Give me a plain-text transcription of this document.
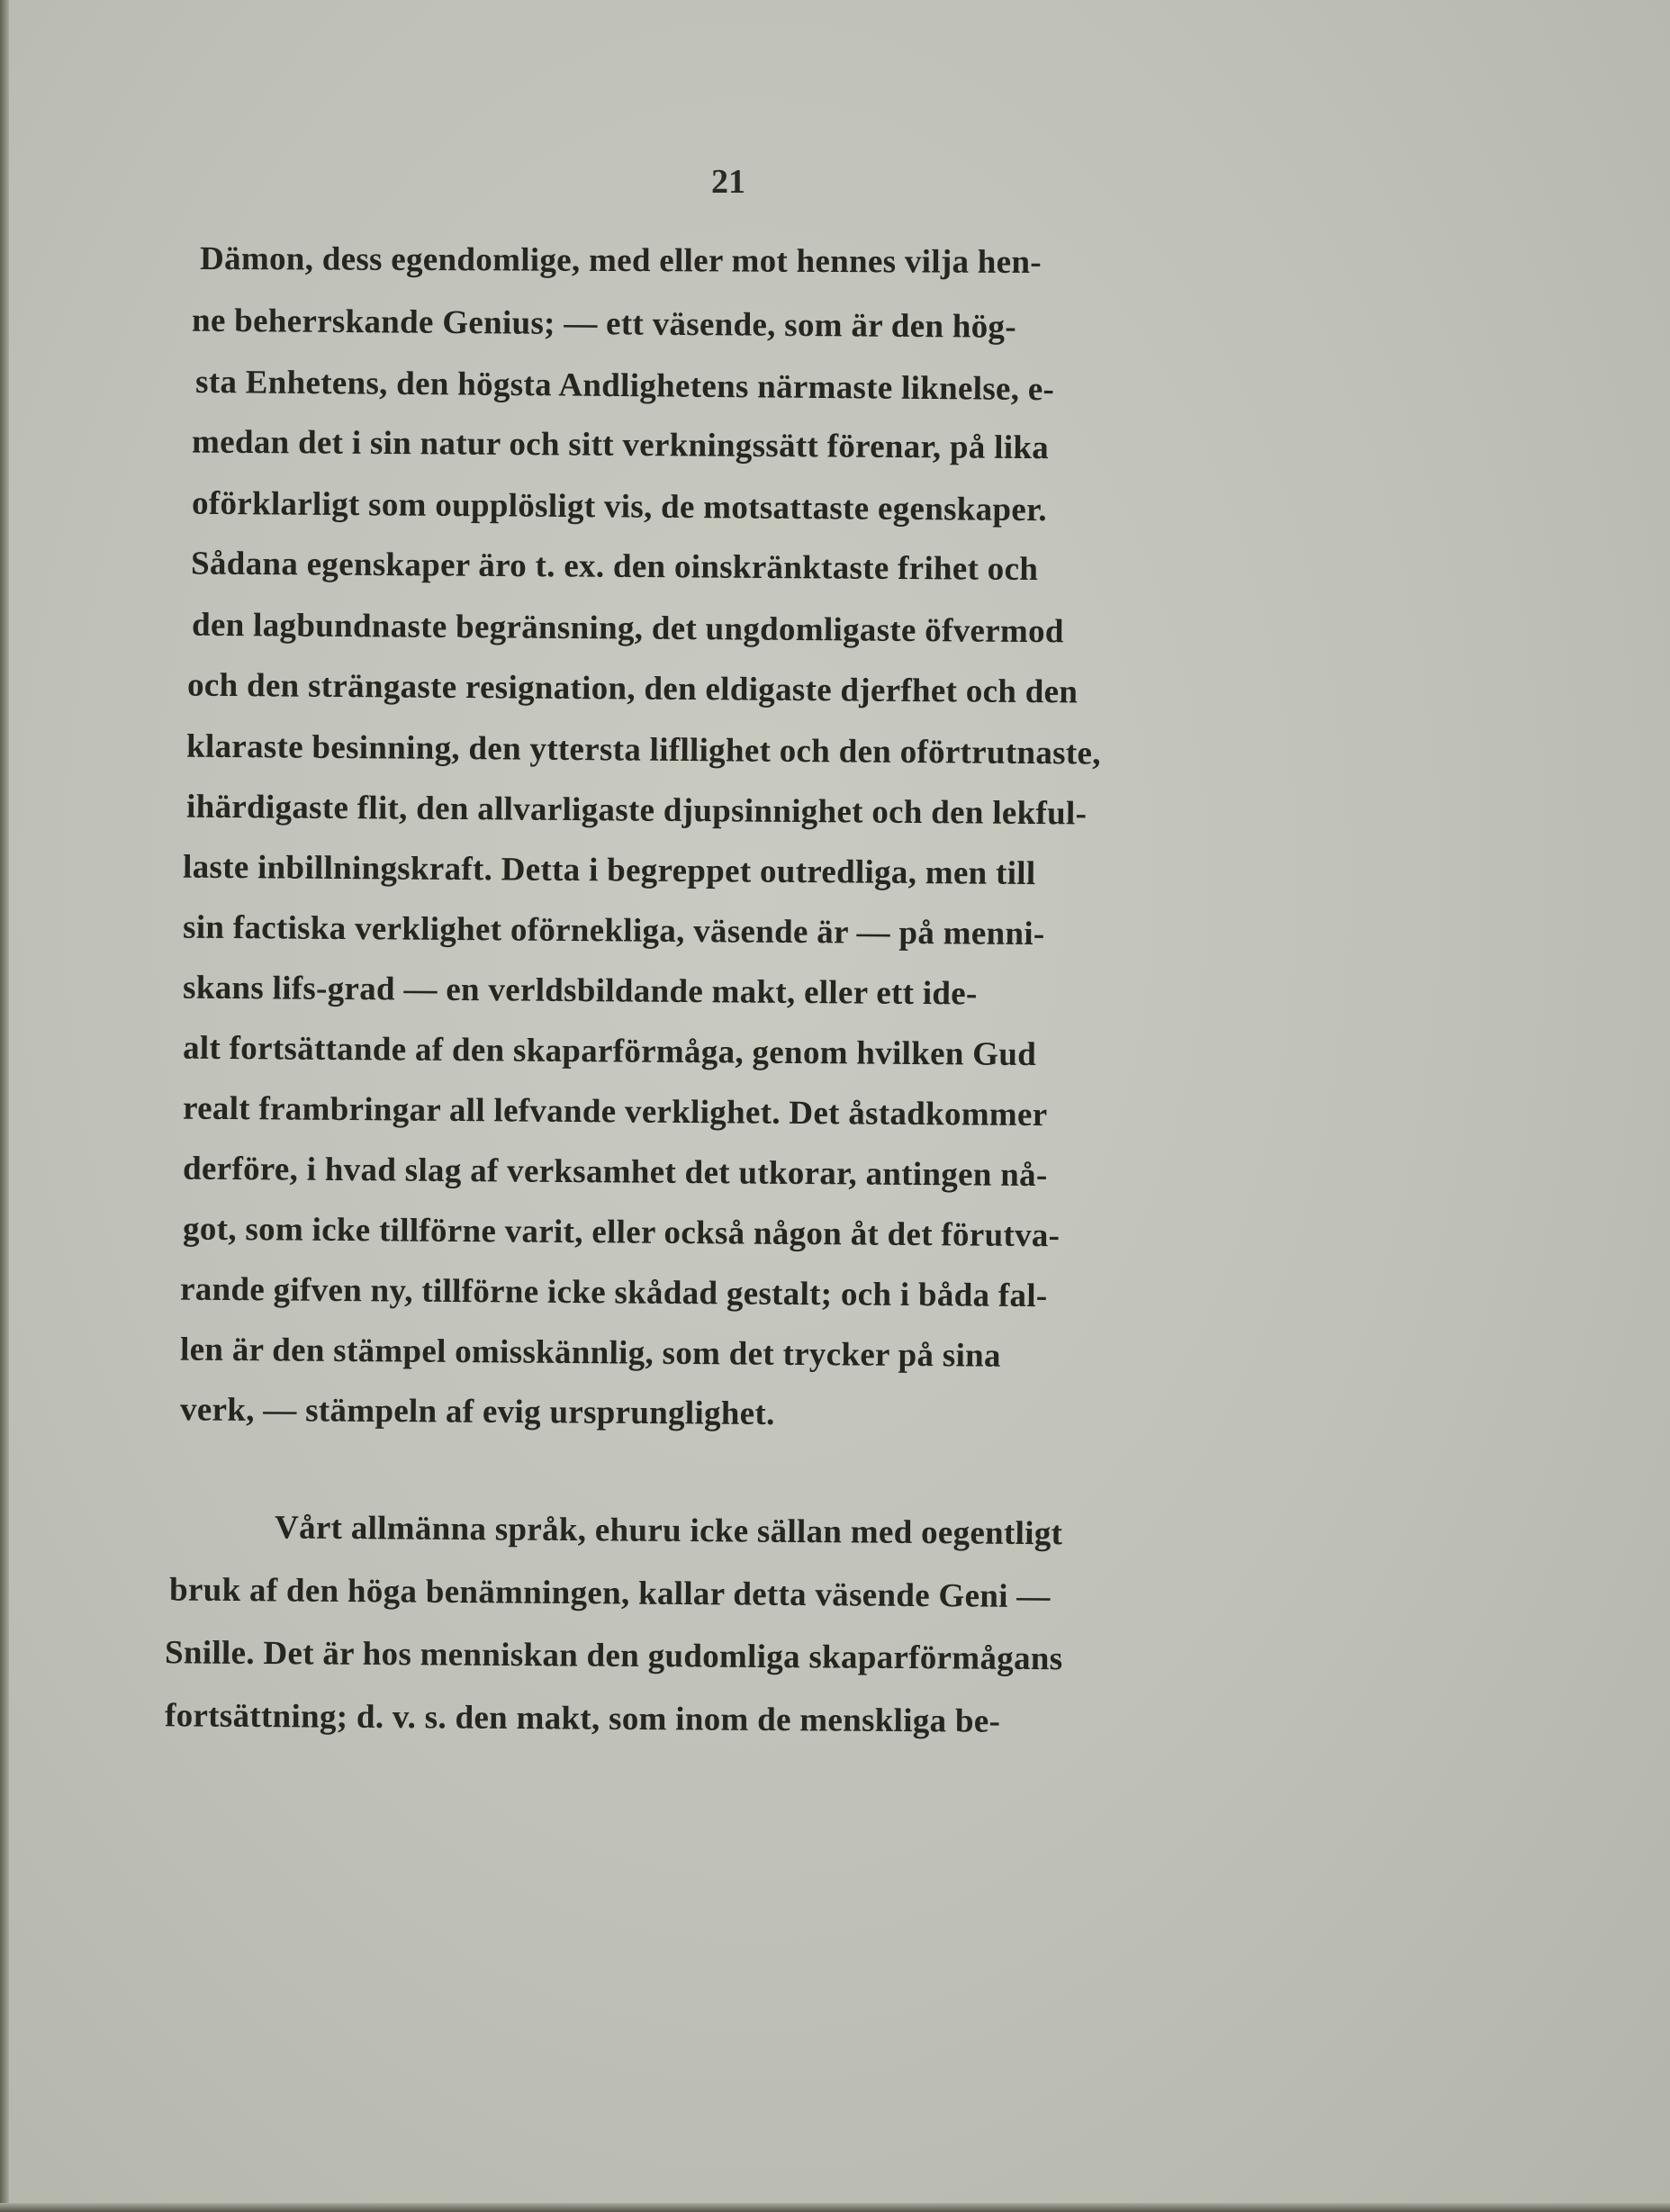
21
Dämon, dess egendomlige, med eller mot hennes vilja hen-
ne beherrskande Genius; — ett väsende, som är den hög-
sta Enhetens, den högsta Andlighetens närmaste liknelse, e-
medan det i sin natur och sitt verkningssätt förenar, på lika
oförklarligt som oupplösligt vis, de motsattaste egenskaper.
Sådana egenskaper äro t. ex. den oinskränktaste frihet och
den lagbundnaste begränsning, det ungdomligaste öfvermod
och den strängaste resignation, den eldigaste djerfhet och den
klaraste besinning, den yttersta lifllighet och den oförtrutnaste,
ihärdigaste flit, den allvarligaste djupsinnighet och den lekful-
laste inbillningskraft. Detta i begreppet outredliga, men till
sin factiska verklighet oförnekliga, väsende är — på menni-
skans lifs-grad — en verldsbildande makt, eller ett ide-
alt fortsättande af den skaparförmåga, genom hvilken Gud
realt frambringar all lefvande verklighet. Det åstadkommer
derföre, i hvad slag af verksamhet det utkorar, antingen nå-
got, som icke tillförne varit, eller också någon åt det förutva-
rande gifven ny, tillförne icke skådad gestalt; och i båda fal-
len är den stämpel omisskännlig, som det trycker på sina
verk, — stämpeln af evig ursprunglighet.
Vårt allmänna språk, ehuru icke sällan med oegentligt
bruk af den höga benämningen, kallar detta väsende Geni —
Snille. Det är hos menniskan den gudomliga skaparförmågans
fortsättning; d. v. s. den makt, som inom de menskliga be-
